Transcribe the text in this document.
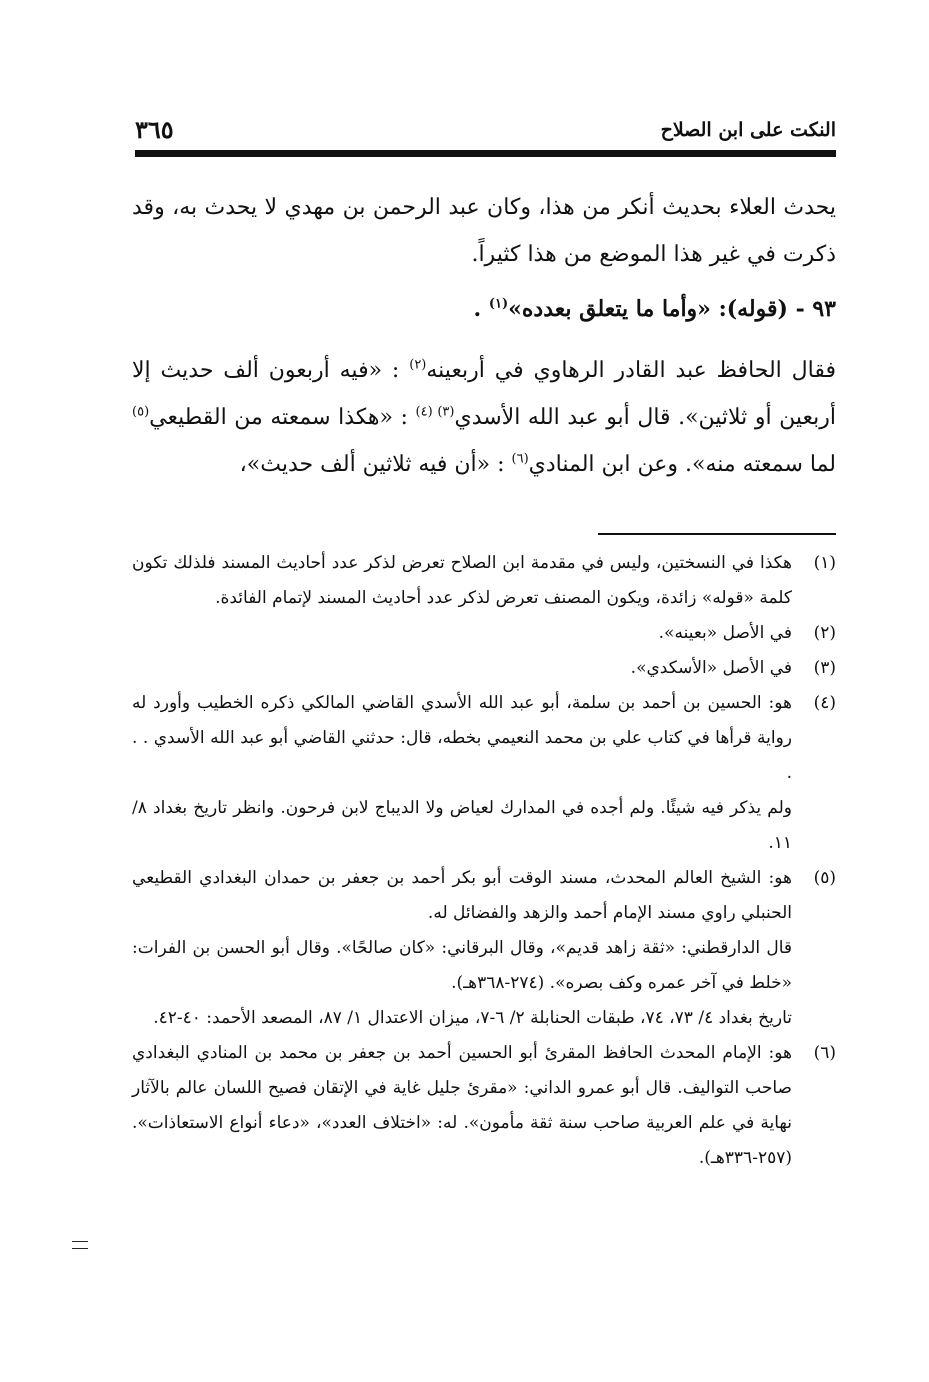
النكت على ابن الصلاح
٣٦٥

يحدث العلاء بحديث أنكر من هذا، وكان عبد الرحمن بن مهدي لا يحدث به، وقد ذكرت في غير هذا الموضع من هذا كثيراً.

٩٣ - (قوله): «وأما ما يتعلق بعدده»$^{(١)}$ .

فقال الحافظ عبد القادر الرهاوي في أربعينه$^{(٢)}$ : «فيه أربعون ألف حديث إلا أربعين أو ثلاثين». قال أبو عبد الله الأسدي$^{(٣) (٤)}$ : «هكذا سمعته من القطيعي$^{(٥)}$ لما سمعته منه». وعن ابن المنادي$^{(٦)}$ : «أن فيه ثلاثين ألف حديث»،

(١)

هكذا في النسختين، وليس في مقدمة ابن الصلاح تعرض لذكر عدد أحاديث المسند فلذلك تكون كلمة «قوله» زائدة، ويكون المصنف تعرض لذكر عدد أحاديث المسند لإتمام الفائدة.

(٢)

في الأصل «بعينه».

(٣)

في الأصل «الأسكدي».

(٤)

هو: الحسين بن أحمد بن سلمة، أبو عبد الله الأسدي القاضي المالكي ذكره الخطيب وأورد له رواية قرأها في كتاب علي بن محمد النعيمي بخطه، قال: حدثني القاضي أبو عبد الله الأسدي . . .

ولم يذكر فيه شيئًا. ولم أجده في المدارك لعياض ولا الديباج لابن فرحون. وانظر تاريخ بغداد ٨/ ١١.

(٥)

هو: الشيخ العالم المحدث، مسند الوقت أبو بكر أحمد بن جعفر بن حمدان البغدادي القطيعي الحنبلي راوي مسند الإمام أحمد والزهد والفضائل له.

قال الدارقطني: «ثقة زاهد قديم»، وقال البرقاني: «كان صالحًا». وقال أبو الحسن بن الفرات: «خلط في آخر عمره وكف بصره». (٢٧٤-٣٦٨هـ).

تاريخ بغداد ٤/ ٧٣، ٧٤، طبقات الحنابلة ٢/ ٦-٧، ميزان الاعتدال ١/ ٨٧، المصعد الأحمد: ٤٠-٤٢.

(٦)

هو: الإمام المحدث الحافظ المقرئ أبو الحسين أحمد بن جعفر بن محمد بن المنادي البغدادي صاحب التواليف. قال أبو عمرو الداني: «مقرئ جليل غاية في الإتقان فصيح اللسان عالم بالآثار نهاية في علم العربية صاحب سنة ثقة مأمون». له: «اختلاف العدد»، «دعاء أنواع الاستعاذات». (٢٥٧-٣٣٦هـ).
